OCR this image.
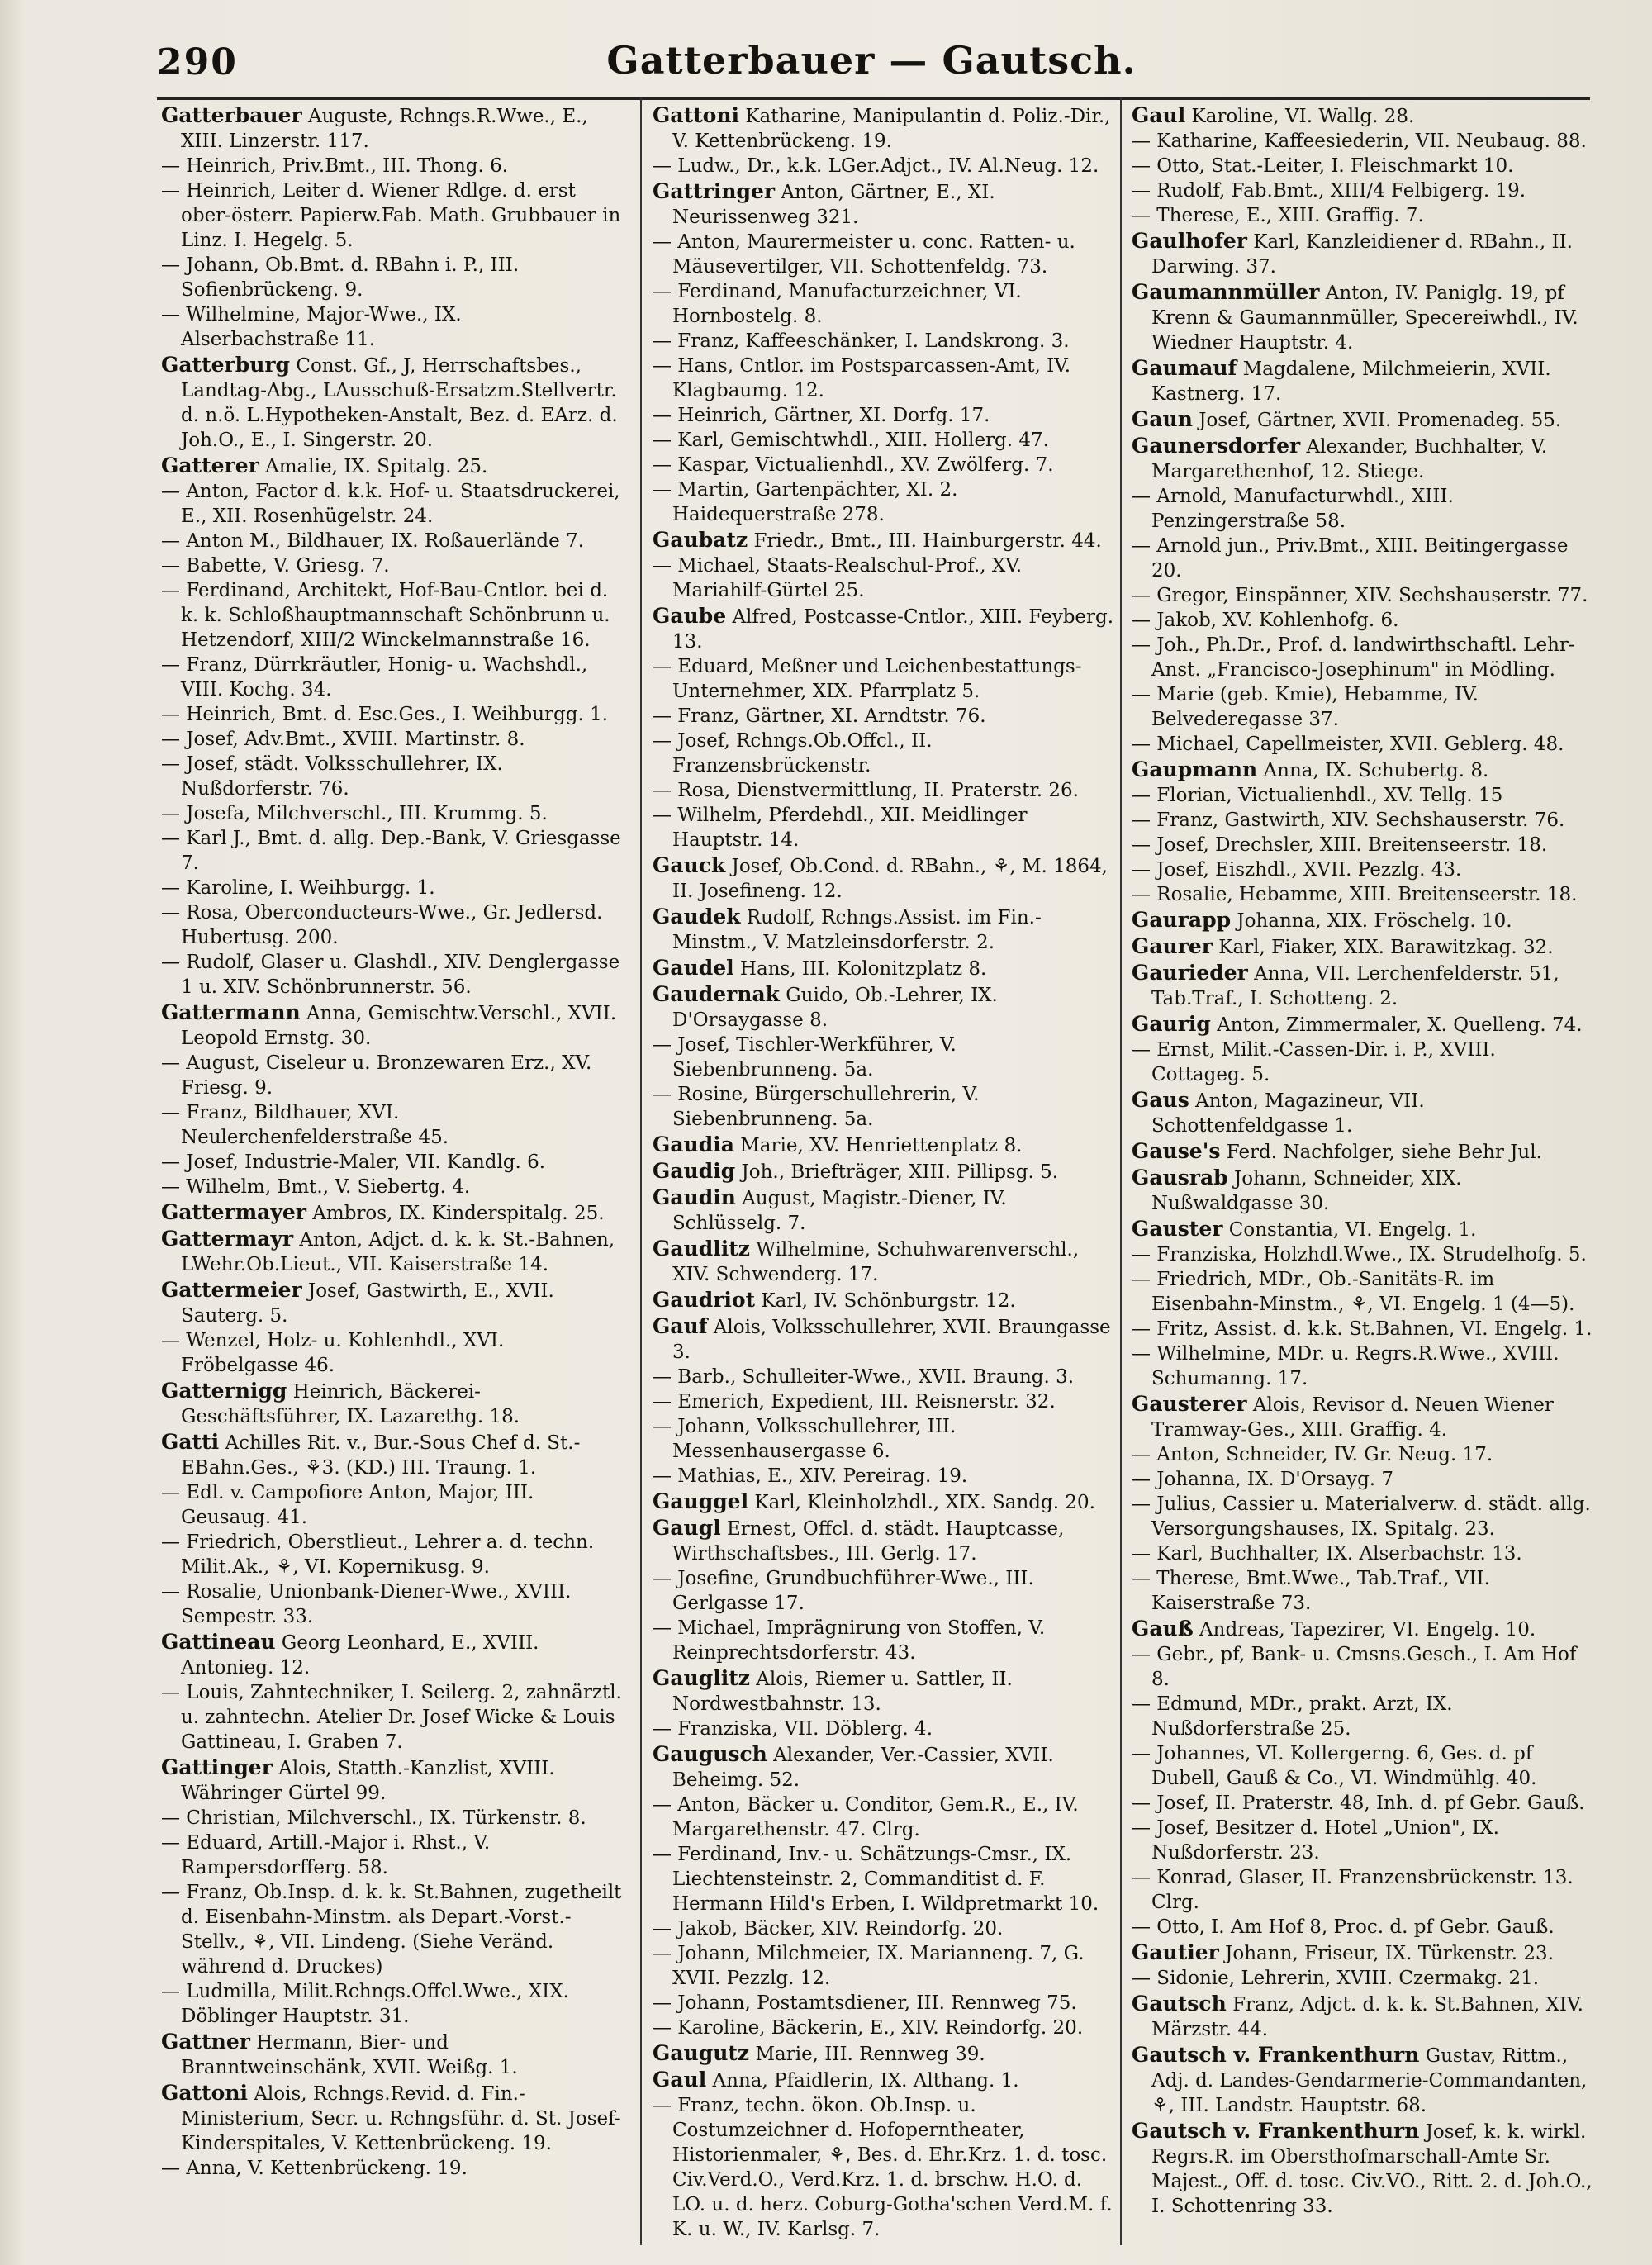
290	Gatterbauer — Gautsch.

Gatterbauer Auguste, Rchngs.R.Wwe., E., XIII. Linzerstr. 117.

— Heinrich, Priv.Bmt., III. Thong. 6.

— Heinrich, Leiter d. Wiener Rdlge. d. erst ober-österr. Papierw.Fab. Math. Grubbauer in Linz. I. Hegelg. 5.

— Johann, Ob.Bmt. d. RBahn i. P., III. Sofienbrückeng. 9.

— Wilhelmine, Major-Wwe., IX. Alserbachstraße 11.

Gatterburg Const. Gf., J, Herrschaftsbes., Landtag-Abg., LAusschuß-Ersatzm.Stellvertr. d. n.ö. L.Hypotheken-Anstalt, Bez. d. EArz. d. Joh.O., E., I. Singerstr. 20.

Gatterer Amalie, IX. Spitalg. 25.

— Anton, Factor d. k.k. Hof- u. Staatsdruckerei, E., XII. Rosenhügelstr. 24.

— Anton M., Bildhauer, IX. Roßauerlände 7.

— Babette, V. Griesg. 7.

— Ferdinand, Architekt, Hof-Bau-Cntlor. bei d. k. k. Schloßhauptmannschaft Schönbrunn u. Hetzendorf, XIII/2 Winckelmannstraße 16.

— Franz, Dürrkräutler, Honig- u. Wachshdl., VIII. Kochg. 34.

— Heinrich, Bmt. d. Esc.Ges., I. Weihburgg. 1.

— Josef, Adv.Bmt., XVIII. Martinstr. 8.

— Josef, städt. Volksschullehrer, IX. Nußdorferstr. 76.

— Josefa, Milchverschl., III. Krummg. 5.

— Karl J., Bmt. d. allg. Dep.-Bank, V. Griesgasse 7.

— Karoline, I. Weihburgg. 1.

— Rosa, Oberconducteurs-Wwe., Gr. Jedlersd. Hubertusg. 200.

— Rudolf, Glaser u. Glashdl., XIV. Denglergasse 1 u. XIV. Schönbrunnerstr. 56.

Gattermann Anna, Gemischtw.Verschl., XVII. Leopold Ernstg. 30.

— August, Ciseleur u. Bronzewaren Erz., XV. Friesg. 9.

— Franz, Bildhauer, XVI. Neulerchenfelderstraße 45.

— Josef, Industrie-Maler, VII. Kandlg. 6.

— Wilhelm, Bmt., V. Siebertg. 4.

Gattermayer Ambros, IX. Kinderspitalg. 25.

Gattermayr Anton, Adjct. d. k. k. St.-Bahnen, LWehr.Ob.Lieut., VII. Kaiserstraße 14.

Gattermeier Josef, Gastwirth, E., XVII. Sauterg. 5.

— Wenzel, Holz- u. Kohlenhdl., XVI. Fröbelgasse 46.

Gatternigg Heinrich, Bäckerei-Geschäftsführer, IX. Lazarethg. 18.

Gatti Achilles Rit. v., Bur.-Sous Chef d. St.-EBahn.Ges., ⚘3. (KD.) III. Traung. 1.

— Edl. v. Campofiore Anton, Major, III. Geusaug. 41.

— Friedrich, Oberstlieut., Lehrer a. d. techn. Milit.Ak., ⚘, VI. Kopernikusg. 9.

— Rosalie, Unionbank-Diener-Wwe., XVIII. Sempestr. 33.

Gattineau Georg Leonhard, E., XVIII. Antonieg. 12.

— Louis, Zahntechniker, I. Seilerg. 2, zahnärztl. u. zahntechn. Atelier Dr. Josef Wicke & Louis Gattineau, I. Graben 7.

Gattinger Alois, Statth.-Kanzlist, XVIII. Währinger Gürtel 99.

— Christian, Milchverschl., IX. Türkenstr. 8.

— Eduard, Artill.-Major i. Rhst., V. Rampersdorfferg. 58.

— Franz, Ob.Insp. d. k. k. St.Bahnen, zugetheilt d. Eisenbahn-Minstm. als Depart.-Vorst.-Stellv., ⚘, VII. Lindeng. (Siehe Veränd. während d. Druckes)

— Ludmilla, Milit.Rchngs.Offcl.Wwe., XIX. Döblinger Hauptstr. 31.

Gattner Hermann, Bier- und Branntweinschänk, XVII. Weißg. 1.

Gattoni Alois, Rchngs.Revid. d. Fin.-Ministerium, Secr. u. Rchngsführ. d. St. Josef-Kinderspitales, V. Kettenbrückeng. 19.

— Anna, V. Kettenbrückeng. 19.

Gattoni Katharine, Manipulantin d. Poliz.-Dir., V. Kettenbrückeng. 19.

— Ludw., Dr., k.k. LGer.Adjct., IV. Al.Neug. 12.

Gattringer Anton, Gärtner, E., XI. Neurissenweg 321.

— Anton, Maurermeister u. conc. Ratten- u. Mäusevertilger, VII. Schottenfeldg. 73.

— Ferdinand, Manufacturzeichner, VI. Hornbostelg. 8.

— Franz, Kaffeeschänker, I. Landskrong. 3.

— Hans, Cntlor. im Postsparcassen-Amt, IV. Klagbaumg. 12.

— Heinrich, Gärtner, XI. Dorfg. 17.

— Karl, Gemischtwhdl., XIII. Hollerg. 47.

— Kaspar, Victualienhdl., XV. Zwölferg. 7.

— Martin, Gartenpächter, XI. 2. Haidequerstraße 278.

Gaubatz Friedr., Bmt., III. Hainburgerstr. 44.

— Michael, Staats-Realschul-Prof., XV. Mariahilf-Gürtel 25.

Gaube Alfred, Postcasse-Cntlor., XIII. Feyberg. 13.

— Eduard, Meßner und Leichenbestattungs-Unternehmer, XIX. Pfarrplatz 5.

— Franz, Gärtner, XI. Arndtstr. 76.

— Josef, Rchngs.Ob.Offcl., II. Franzensbrückenstr.

— Rosa, Dienstvermittlung, II. Praterstr. 26.

— Wilhelm, Pferdehdl., XII. Meidlinger Hauptstr. 14.

Gauck Josef, Ob.Cond. d. RBahn., ⚘, M. 1864, II. Josefineng. 12.

Gaudek Rudolf, Rchngs.Assist. im Fin.-Minstm., V. Matzleinsdorferstr. 2.

Gaudel Hans, III. Kolonitzplatz 8.

Gaudernak Guido, Ob.-Lehrer, IX. D'Orsaygasse 8.

— Josef, Tischler-Werkführer, V. Siebenbrunneng. 5a.

— Rosine, Bürgerschullehrerin, V. Siebenbrunneng. 5a.

Gaudia Marie, XV. Henriettenplatz 8.

Gaudig Joh., Briefträger, XIII. Pillipsg. 5.

Gaudin August, Magistr.-Diener, IV. Schlüsselg. 7.

Gaudlitz Wilhelmine, Schuhwarenverschl., XIV. Schwenderg. 17.

Gaudriot Karl, IV. Schönburgstr. 12.

Gauf Alois, Volksschullehrer, XVII. Braungasse 3.

— Barb., Schulleiter-Wwe., XVII. Braung. 3.

— Emerich, Expedient, III. Reisnerstr. 32.

— Johann, Volksschullehrer, III. Messenhausergasse 6.

— Mathias, E., XIV. Pereirag. 19.

Gauggel Karl, Kleinholzhdl., XIX. Sandg. 20.

Gaugl Ernest, Offcl. d. städt. Hauptcasse, Wirthschaftsbes., III. Gerlg. 17.

— Josefine, Grundbuchführer-Wwe., III. Gerlgasse 17.

— Michael, Imprägnirung von Stoffen, V. Reinprechtsdorferstr. 43.

Gauglitz Alois, Riemer u. Sattler, II. Nordwestbahnstr. 13.

— Franziska, VII. Döblerg. 4.

Gaugusch Alexander, Ver.-Cassier, XVII. Beheimg. 52.

— Anton, Bäcker u. Conditor, Gem.R., E., IV. Margarethenstr. 47. Clrg.

— Ferdinand, Inv.- u. Schätzungs-Cmsr., IX. Liechtensteinstr. 2, Commanditist d. F. Hermann Hild's Erben, I. Wildpretmarkt 10.

— Jakob, Bäcker, XIV. Reindorfg. 20.

— Johann, Milchmeier, IX. Marianneng. 7, G. XVII. Pezzlg. 12.

— Johann, Postamtsdiener, III. Rennweg 75.

— Karoline, Bäckerin, E., XIV. Reindorfg. 20.

Gaugutz Marie, III. Rennweg 39.

Gaul Anna, Pfaidlerin, IX. Althang. 1.

— Franz, techn. ökon. Ob.Insp. u. Costumzeichner d. Hofoperntheater, Historienmaler, ⚘, Bes. d. Ehr.Krz. 1. d. tosc. Civ.Verd.O., Verd.Krz. 1. d. brschw. H.O. d. LO. u. d. herz. Coburg-Gotha'schen Verd.M. f. K. u. W., IV. Karlsg. 7.

Gaul Karoline, VI. Wallg. 28.

— Katharine, Kaffeesiederin, VII. Neubaug. 88.

— Otto, Stat.-Leiter, I. Fleischmarkt 10.

— Rudolf, Fab.Bmt., XIII/4 Felbigerg. 19.

— Therese, E., XIII. Graffig. 7.

Gaulhofer Karl, Kanzleidiener d. RBahn., II. Darwing. 37.

Gaumannmüller Anton, IV. Paniglg. 19, pf Krenn & Gaumannmüller, Specereiwhdl., IV. Wiedner Hauptstr. 4.

Gaumauf Magdalene, Milchmeierin, XVII. Kastnerg. 17.

Gaun Josef, Gärtner, XVII. Promenadeg. 55.

Gaunersdorfer Alexander, Buchhalter, V. Margarethenhof, 12. Stiege.

— Arnold, Manufacturwhdl., XIII. Penzingerstraße 58.

— Arnold jun., Priv.Bmt., XIII. Beitingergasse 20.

— Gregor, Einspänner, XIV. Sechshauserstr. 77.

— Jakob, XV. Kohlenhofg. 6.

— Joh., Ph.Dr., Prof. d. landwirthschaftl. Lehr-Anst. „Francisco-Josephinum" in Mödling.

— Marie (geb. Kmie), Hebamme, IV. Belvederegasse 37.

— Michael, Capellmeister, XVII. Geblerg. 48.

Gaupmann Anna, IX. Schubertg. 8.

— Florian, Victualienhdl., XV. Tellg. 15

— Franz, Gastwirth, XIV. Sechshauserstr. 76.

— Josef, Drechsler, XIII. Breitenseerstr. 18.

— Josef, Eiszhdl., XVII. Pezzlg. 43.

— Rosalie, Hebamme, XIII. Breitenseerstr. 18.

Gaurapp Johanna, XIX. Fröschelg. 10.

Gaurer Karl, Fiaker, XIX. Barawitzkag. 32.

Gaurieder Anna, VII. Lerchenfelderstr. 51, Tab.Traf., I. Schotteng. 2.

Gaurig Anton, Zimmermaler, X. Quelleng. 74.

— Ernst, Milit.-Cassen-Dir. i. P., XVIII. Cottageg. 5.

Gaus Anton, Magazineur, VII. Schottenfeldgasse 1.

Gause's Ferd. Nachfolger, siehe Behr Jul.

Gausrab Johann, Schneider, XIX. Nußwaldgasse 30.

Gauster Constantia, VI. Engelg. 1.

— Franziska, Holzhdl.Wwe., IX. Strudelhofg. 5.

— Friedrich, MDr., Ob.-Sanitäts-R. im Eisenbahn-Minstm., ⚘, VI. Engelg. 1 (4—5).

— Fritz, Assist. d. k.k. St.Bahnen, VI. Engelg. 1.

— Wilhelmine, MDr. u. Regrs.R.Wwe., XVIII. Schumanng. 17.

Gausterer Alois, Revisor d. Neuen Wiener Tramway-Ges., XIII. Graffig. 4.

— Anton, Schneider, IV. Gr. Neug. 17.

— Johanna, IX. D'Orsayg. 7

— Julius, Cassier u. Materialverw. d. städt. allg. Versorgungshauses, IX. Spitalg. 23.

— Karl, Buchhalter, IX. Alserbachstr. 13.

— Therese, Bmt.Wwe., Tab.Traf., VII. Kaiserstraße 73.

Gauß Andreas, Tapezirer, VI. Engelg. 10.

— Gebr., pf, Bank- u. Cmsns.Gesch., I. Am Hof 8.

— Edmund, MDr., prakt. Arzt, IX. Nußdorferstraße 25.

— Johannes, VI. Kollergerng. 6, Ges. d. pf Dubell, Gauß & Co., VI. Windmühlg. 40.

— Josef, II. Praterstr. 48, Inh. d. pf Gebr. Gauß.

— Josef, Besitzer d. Hotel „Union", IX. Nußdorferstr. 23.

— Konrad, Glaser, II. Franzensbrückenstr. 13. Clrg.

— Otto, I. Am Hof 8, Proc. d. pf Gebr. Gauß.

Gautier Johann, Friseur, IX. Türkenstr. 23.

— Sidonie, Lehrerin, XVIII. Czermakg. 21.

Gautsch Franz, Adjct. d. k. k. St.Bahnen, XIV. Märzstr. 44.

Gautsch v. Frankenthurn Gustav, Rittm., Adj. d. Landes-Gendarmerie-Commandanten, ⚘, III. Landstr. Hauptstr. 68.

Gautsch v. Frankenthurn Josef, k. k. wirkl. Regrs.R. im Obersthofmarschall-Amte Sr. Majest., Off. d. tosc. Civ.VO., Ritt. 2. d. Joh.O., I. Schottenring 33.
